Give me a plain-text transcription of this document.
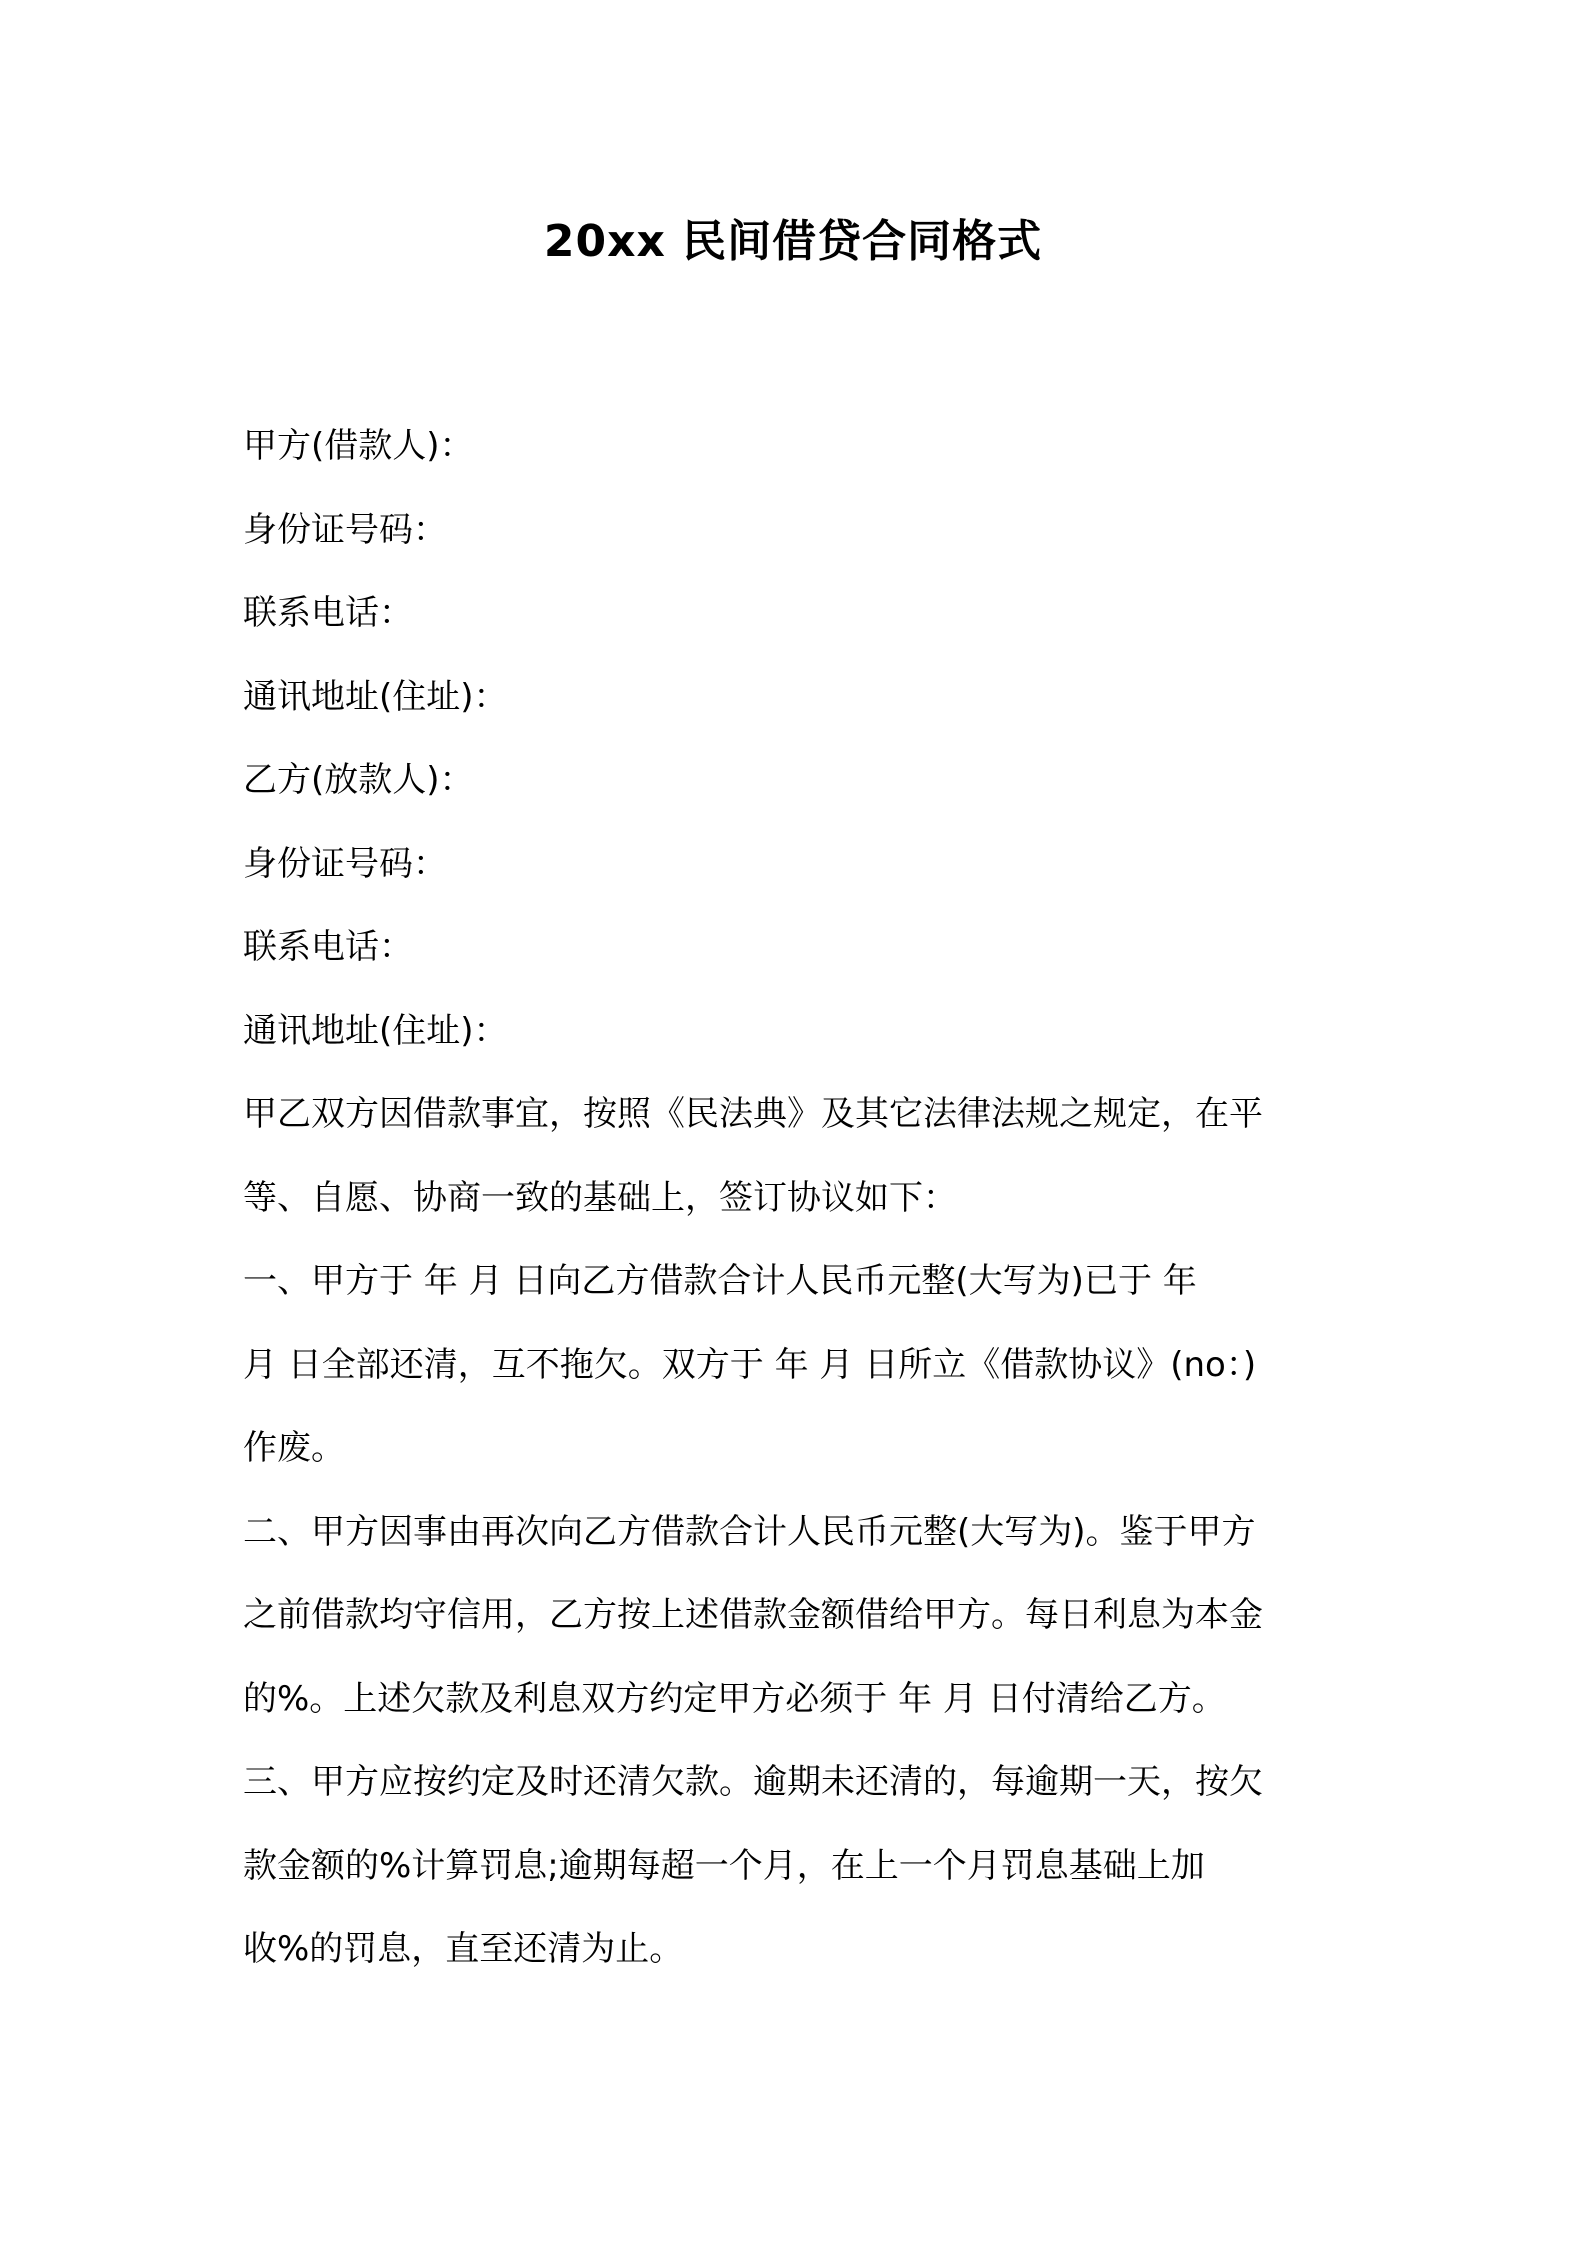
20xx 民间借贷合同格式
甲方(借款人)：
身份证号码：
联系电话：
通讯地址(住址)：
乙方(放款人)：
身份证号码：
联系电话：
通讯地址(住址)：
甲乙双方因借款事宜，按照《民法典》及其它法律法规之规定，在平
等、自愿、协商一致的基础上，签订协议如下：
一、甲方于 年 月 日向乙方借款合计人民币元整(大写为)已于 年
月 日全部还清，互不拖欠。双方于 年 月 日所立《借款协议》(no：)
作废。
二、甲方因事由再次向乙方借款合计人民币元整(大写为)。鉴于甲方
之前借款均守信用，乙方按上述借款金额借给甲方。每日利息为本金
的%。上述欠款及利息双方约定甲方必须于 年 月 日付清给乙方。
三、甲方应按约定及时还清欠款。逾期未还清的，每逾期一天，按欠
款金额的%计算罚息;逾期每超一个月，在上一个月罚息基础上加
收%的罚息，直至还清为止。
